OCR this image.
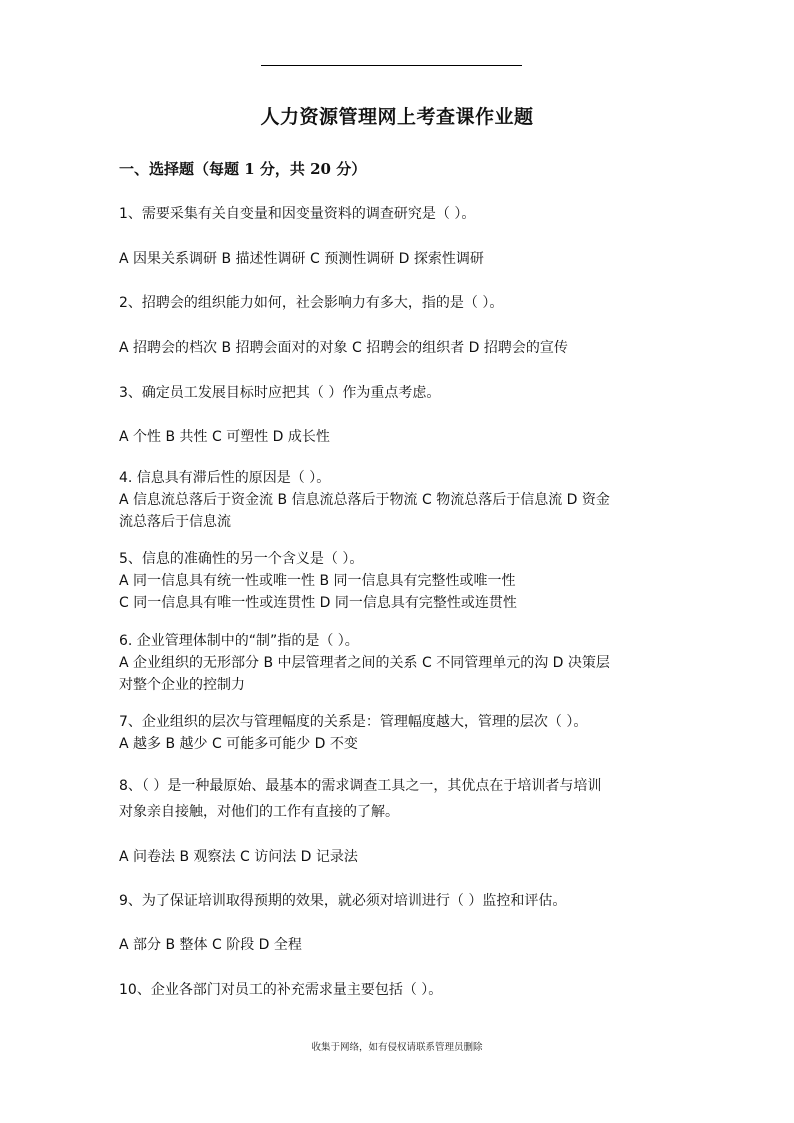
人力资源管理网上考查课作业题
一、选择题（每题 1 分，共 20 分）
1、需要采集有关自变量和因变量资料的调查研究是（ ）。
A 因果关系调研 B 描述性调研 C 预测性调研 D 探索性调研
2、招聘会的组织能力如何，社会影响力有多大，指的是（ ）。
A 招聘会的档次 B 招聘会面对的对象 C 招聘会的组织者 D 招聘会的宣传
3、确定员工发展目标时应把其（ ）作为重点考虑。
A 个性 B 共性 C 可塑性 D 成长性
4. 信息具有滞后性的原因是（ ）。
A 信息流总落后于资金流 B 信息流总落后于物流 C 物流总落后于信息流 D 资金
流总落后于信息流
5、信息的准确性的另一个含义是（ ）。
A 同一信息具有统一性或唯一性 B 同一信息具有完整性或唯一性
C 同一信息具有唯一性或连贯性 D 同一信息具有完整性或连贯性
6. 企业管理体制中的“制”指的是（ ）。
A 企业组织的无形部分 B 中层管理者之间的关系 C 不同管理单元的沟 D 决策层
对整个企业的控制力
7、企业组织的层次与管理幅度的关系是：管理幅度越大，管理的层次（ ）。
A 越多 B 越少 C 可能多可能少 D 不变
8、（ ）是一种最原始、最基本的需求调查工具之一，其优点在于培训者与培训
对象亲自接触，对他们的工作有直接的了解。
A 问卷法 B 观察法 C 访问法 D 记录法
9、为了保证培训取得预期的效果，就必须对培训进行（ ）监控和评估。
A 部分 B 整体 C 阶段 D 全程
10、企业各部门对员工的补充需求量主要包括（ ）。
收集于网络，如有侵权请联系管理员删除
